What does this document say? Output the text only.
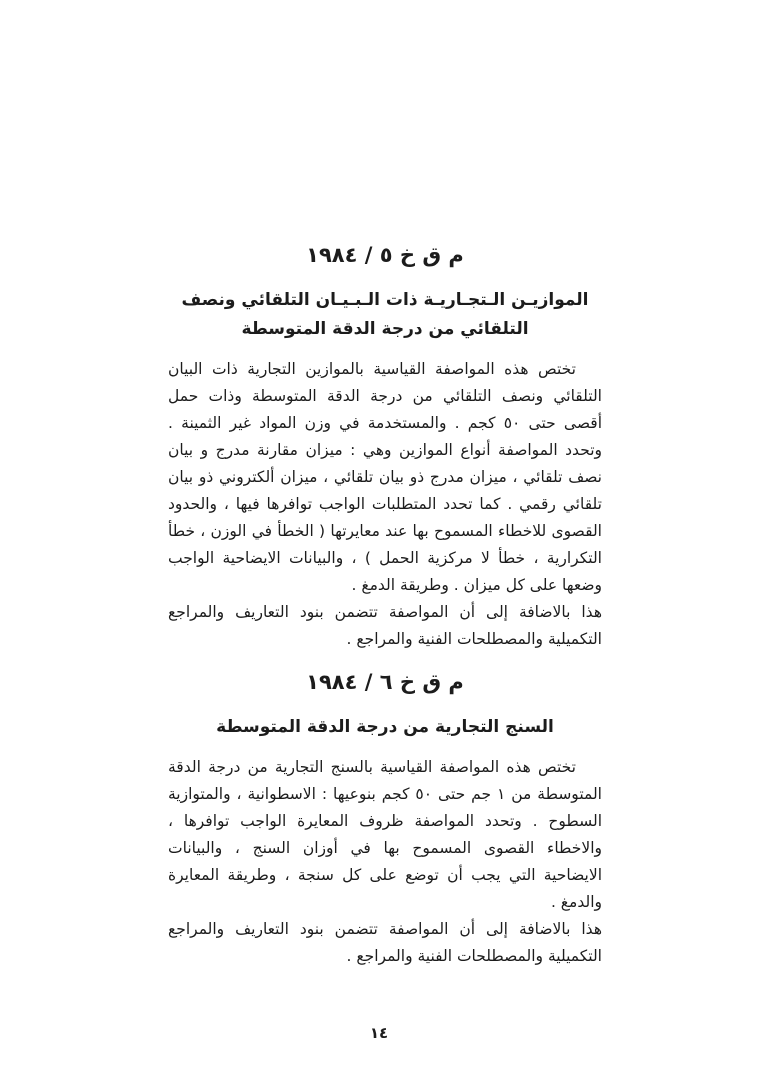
م ق خ ٥ / ١٩٨٤
الموازيـن الـتجـاريـة ذات الـبـيـان التلقائي ونصف التلقائي من درجة الدقة المتوسطة

تختص هذه المواصفة القياسية بالموازين التجارية ذات البيان التلقائي ونصف التلقائي من درجة الدقة المتوسطة وذات حمل أقصى حتى ٥٠ كجم . والمستخدمة في وزن المواد غير الثمينة . وتحدد المواصفة أنواع الموازين وهي : ميزان مقارنة مدرج و بيان نصف تلقائي ، ميزان مدرج ذو بيان تلقائي ، ميزان ألكتروني ذو بيان تلقائي رقمي . كما تحدد المتطلبات الواجب توافرها فيها ، والحدود القصوى للاخطاء المسموح بها عند معايرتها ( الخطأ في الوزن ، خطأ التكرارية ، خطأ لا مركزية الحمل ) ، والبيانات الايضاحية الواجب وضعها على كل ميزان . وطريقة الدمغ .

هذا بالاضافة إلى أن المواصفة تتضمن بنود التعاريف والمراجع التكميلية والمصطلحات الفنية والمراجع .

م ق خ ٦ / ١٩٨٤
السنج التجارية من درجة الدقة المتوسطة

تختص هذه المواصفة القياسية بالسنج التجارية من درجة الدقة المتوسطة من ١ جم حتى ٥٠ كجم بنوعيها : الاسطوانية ، والمتوازية السطوح . وتحدد المواصفة ظروف المعايرة الواجب توافرها ، والاخطاء القصوى المسموح بها في أوزان السنج ، والبيانات الايضاحية التي يجب أن توضع على كل سنجة ، وطريقة المعايرة والدمغ .

هذا بالاضافة إلى أن المواصفة تتضمن بنود التعاريف والمراجع التكميلية والمصطلحات الفنية والمراجع .

١٤
